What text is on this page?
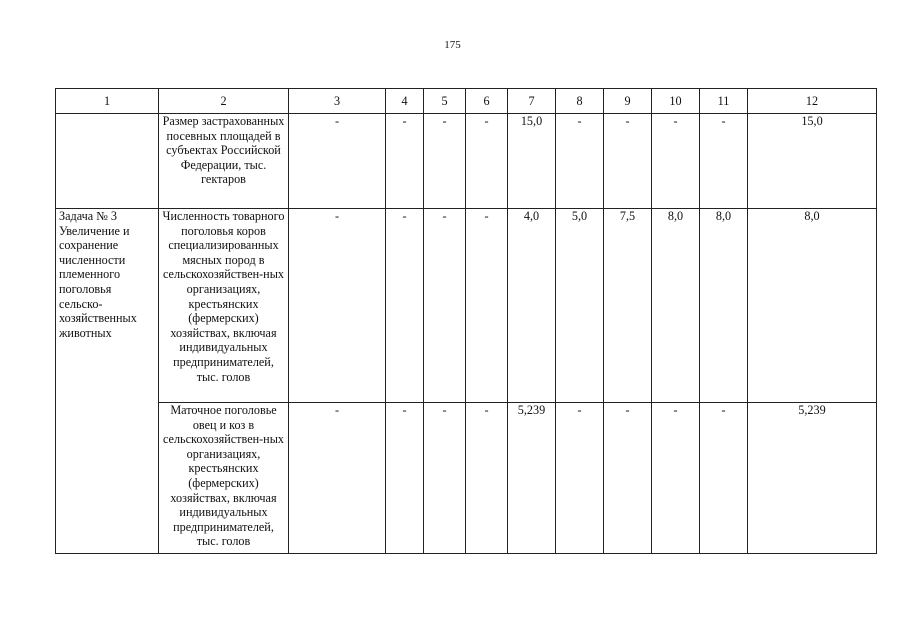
175
1	2	3	4	5	6	7	8	9	10	11	12
	Размер застрахованных посевных площадей в субъектах Российской Федерации, тыс. гектаров	-	-	-	-	15,0	-	-	-	-	15,0
Задача № 3 Увеличение и сохранение численности племенного поголовья сельско-хозяйственных животных	Численность товарного поголовья коров специализированных мясных пород в сельскохозяйствен-ных организациях, крестьянских (фермерских) хозяйствах, включая индивидуальных предпринимателей, тыс. голов	-	-	-	-	4,0	5,0	7,5	8,0	8,0	8,0
	Маточное поголовье овец и коз в сельскохозяйствен-ных организациях, крестьянских (фермерских) хозяйствах, включая индивидуальных предпринимателей, тыс. голов	-	-	-	-	5,239	-	-	-	-	5,239
